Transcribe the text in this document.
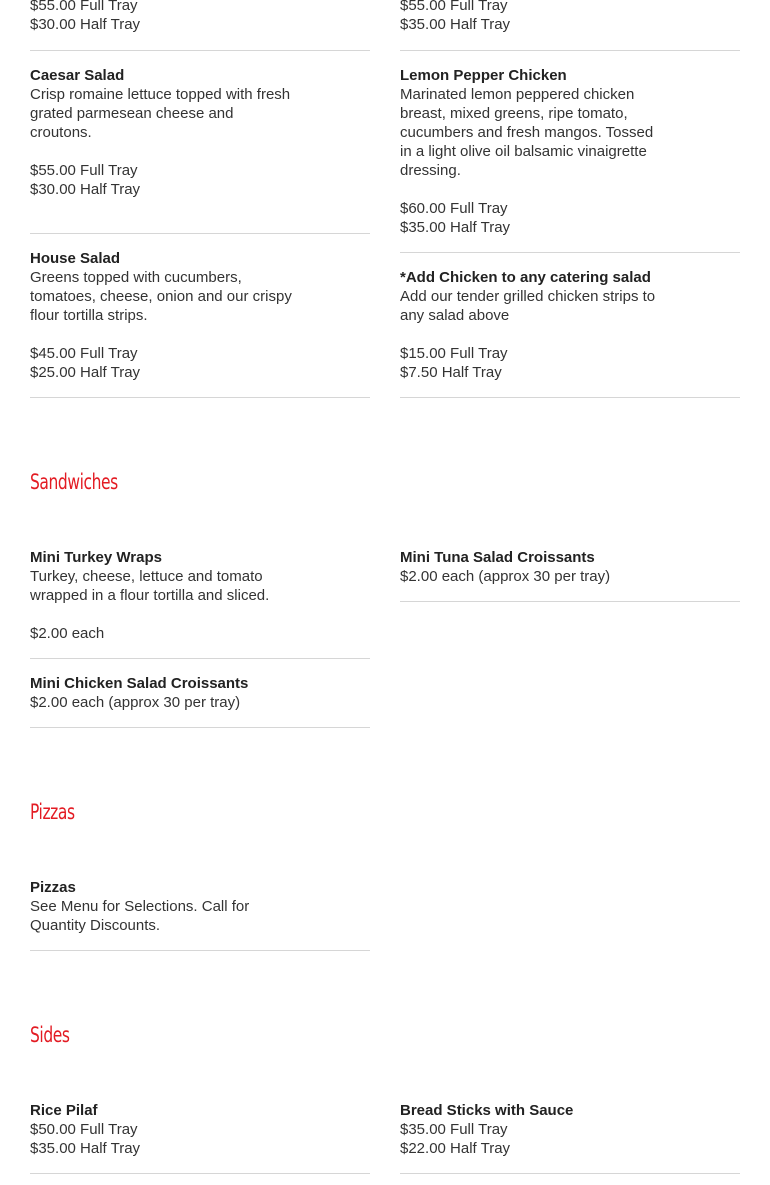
$55.00 Full Tray
$30.00 Half Tray
$55.00 Full Tray
$35.00 Half Tray
Caesar Salad
Crisp romaine lettuce topped with fresh grated parmesean cheese and croutons.
$55.00 Full Tray
$30.00 Half Tray
Lemon Pepper Chicken
Marinated lemon peppered chicken breast, mixed greens, ripe tomato, cucumbers and fresh mangos. Tossed in a light olive oil balsamic vinaigrette dressing.
$60.00 Full Tray
$35.00 Half Tray
House Salad
Greens topped with cucumbers, tomatoes, cheese, onion and our crispy flour tortilla strips.
$45.00 Full Tray
$25.00 Half Tray
*Add Chicken to any catering salad
Add our tender grilled chicken strips to any salad above
$15.00 Full Tray
$7.50 Half Tray
Sandwiches
Mini Turkey Wraps
Turkey, cheese, lettuce and tomato wrapped in a flour tortilla and sliced.
$2.00 each
Mini Tuna Salad Croissants
$2.00 each (approx 30 per tray)
Mini Chicken Salad Croissants
$2.00 each (approx 30 per tray)
Pizzas
Pizzas
See Menu for Selections. Call for Quantity Discounts.
Sides
Rice Pilaf
$50.00 Full Tray
$35.00 Half Tray
Bread Sticks with Sauce
$35.00 Full Tray
$22.00 Half Tray
